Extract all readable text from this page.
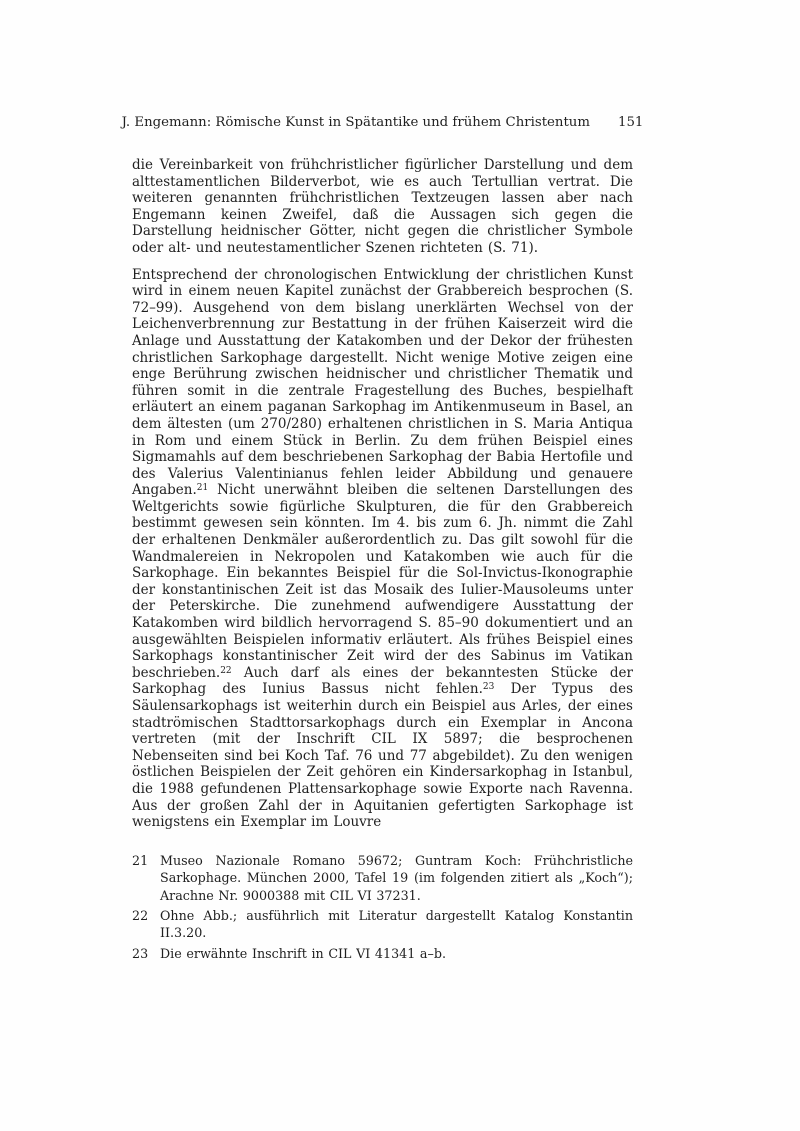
J. Engemann: Römische Kunst in Spätantike und frühem Christentum 151

die Vereinbarkeit von frühchristlicher figürlicher Darstellung und dem alttestamentlichen Bilderverbot, wie es auch Tertullian vertrat. Die weiteren genannten frühchristlichen Textzeugen lassen aber nach Engemann keinen Zweifel, daß die Aussagen sich gegen die Darstellung heidnischer Götter, nicht gegen die christlicher Symbole oder alt- und neutestamentlicher Szenen richteten (S. 71).

Entsprechend der chronologischen Entwicklung der christlichen Kunst wird in einem neuen Kapitel zunächst der Grabbereich besprochen (S. 72–99). Ausgehend von dem bislang unerklärten Wechsel von der Leichenverbrennung zur Bestattung in der frühen Kaiserzeit wird die Anlage und Ausstattung der Katakomben und der Dekor der frühesten christlichen Sarkophage dargestellt. Nicht wenige Motive zeigen eine enge Berührung zwischen heidnischer und christlicher Thematik und führen somit in die zentrale Fragestellung des Buches, bespielhaft erläutert an einem paganan Sarkophag im Antikenmuseum in Basel, an dem ältesten (um 270/280) erhaltenen christlichen in S. Maria Antiqua in Rom und einem Stück in Berlin. Zu dem frühen Beispiel eines Sigmamahls auf dem beschriebenen Sarkophag der Babia Hertofile und des Valerius Valentinianus fehlen leider Abbildung und genauere Angaben.$^{21}$ Nicht unerwähnt bleiben die seltenen Darstellungen des Weltgerichts sowie figürliche Skulpturen, die für den Grabbereich bestimmt gewesen sein könnten. Im 4. bis zum 6. Jh. nimmt die Zahl der erhaltenen Denkmäler außerordentlich zu. Das gilt sowohl für die Wandmalereien in Nekropolen und Katakomben wie auch für die Sarkophage. Ein bekanntes Beispiel für die Sol-Invictus-Ikonographie der konstantinischen Zeit ist das Mosaik des Iulier-Mausoleums unter der Peterskirche. Die zunehmend aufwendigere Ausstattung der Katakomben wird bildlich hervorragend S. 85–90 dokumentiert und an ausgewählten Beispielen informativ erläutert. Als frühes Beispiel eines Sarkophags konstantinischer Zeit wird der des Sabinus im Vatikan beschrieben.$^{22}$ Auch darf als eines der bekanntesten Stücke der Sarkophag des Iunius Bassus nicht fehlen.$^{23}$ Der Typus des Säulensarkophags ist weiterhin durch ein Beispiel aus Arles, der eines stadtrömischen Stadttorsarkophags durch ein Exemplar in Ancona vertreten (mit der Inschrift CIL IX 5897; die besprochenen Nebenseiten sind bei Koch Taf. 76 und 77 abgebildet). Zu den wenigen östlichen Beispielen der Zeit gehören ein Kindersarkophag in Istanbul, die 1988 gefundenen Plattensarkophage sowie Exporte nach Ravenna. Aus der großen Zahl der in Aquitanien gefertigten Sarkophage ist wenigstens ein Exemplar im Louvre

21 Museo Nazionale Romano 59672; Guntram Koch: Frühchristliche Sarkophage. München 2000, Tafel 19 (im folgenden zitiert als „Koch“); Arachne Nr. 9000388 mit CIL VI 37231.
22 Ohne Abb.; ausführlich mit Literatur dargestellt Katalog Konstantin II.3.20.
23 Die erwähnte Inschrift in CIL VI 41341 a–b.
